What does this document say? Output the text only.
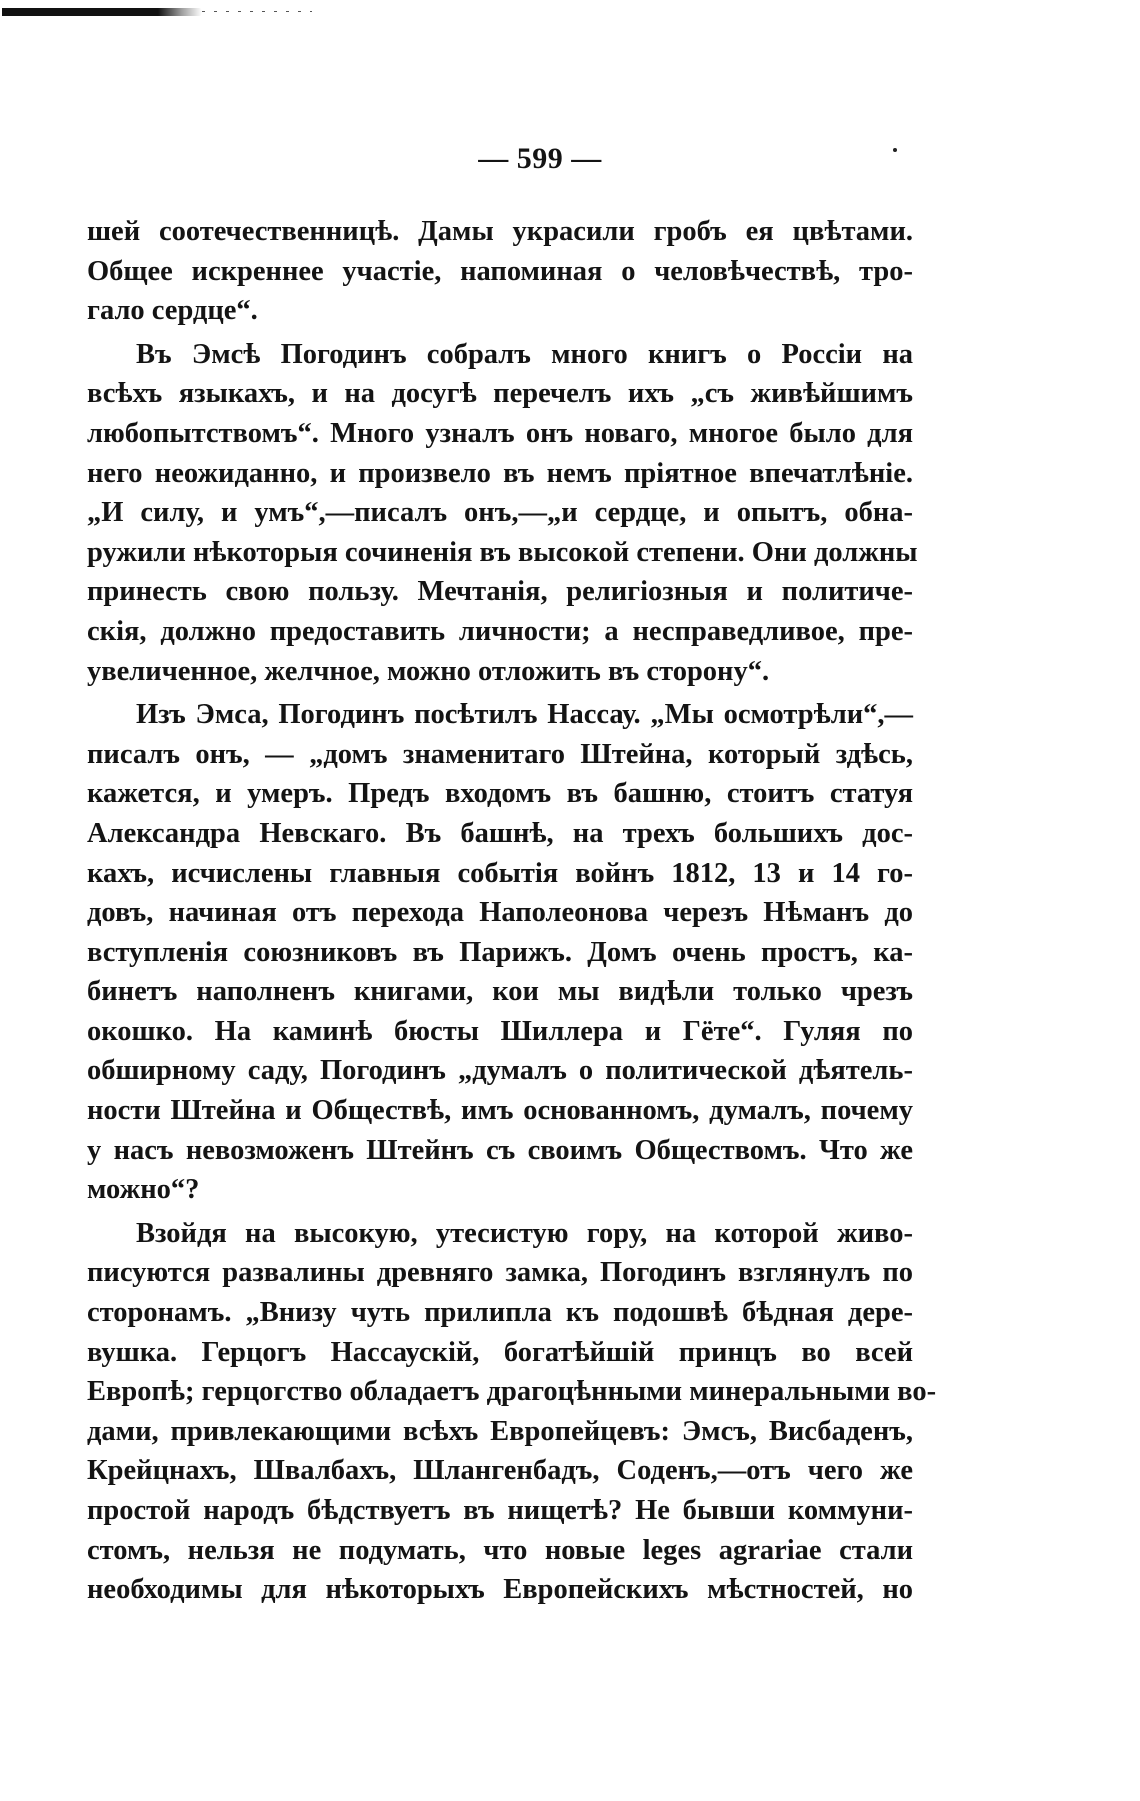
— 599 —
шей соотечественницѣ. Дамы украсили гробъ ея цвѣтами.
Общее искреннее участіе, напоминая о человѣчествѣ, тро-
гало сердце“.
Въ Эмсѣ Погодинъ собралъ много книгъ о Россіи на
всѣхъ языкахъ, и на досугѣ перечелъ ихъ „съ живѣйшимъ
любопытствомъ“. Много узналъ онъ новаго, многое было для
него неожиданно, и произвело въ немъ пріятное впечатлѣніе.
„И силу, и умъ“,—писалъ онъ,—„и сердце, и опытъ, обна-
ружили нѣкоторыя сочиненія въ высокой степени. Они должны
принесть свою пользу. Мечтанія, религіозныя и политиче-
скія, должно предоставить личности; а несправедливое, пре-
увеличенное, желчное, можно отложить въ сторону“.
Изъ Эмса, Погодинъ посѣтилъ Нассау. „Мы осмотрѣли“,—
писалъ онъ, — „домъ знаменитаго Штейна, который здѣсь,
кажется, и умеръ. Предъ входомъ въ башню, стоитъ статуя
Александра Невскаго. Въ башнѣ, на трехъ большихъ дос-
кахъ, исчислены главныя событія войнъ 1812, 13 и 14 го-
довъ, начиная отъ перехода Наполеонова черезъ Нѣманъ до
вступленія союзниковъ въ Парижъ. Домъ очень простъ, ка-
бинетъ наполненъ книгами, кои мы видѣли только чрезъ
окошко. На каминѣ бюсты Шиллера и Гёте“. Гуляя по
обширному саду, Погодинъ „думалъ о политической дѣятель-
ности Штейна и Обществѣ, имъ основанномъ, думалъ, почему
у насъ невозможенъ Штейнъ съ своимъ Обществомъ. Что же
можно“?
Взойдя на высокую, утесистую гору, на которой живо-
писуются развалины древняго замка, Погодинъ взглянулъ по
сторонамъ. „Внизу чуть прилипла къ подошвѣ бѣдная дере-
вушка. Герцогъ Нассаускій, богатѣйшій принцъ во всей
Европѣ; герцогство обладаетъ драгоцѣнными минеральными во-
дами, привлекающими всѣхъ Европейцевъ: Эмсъ, Висбаденъ,
Крейцнахъ, Швалбахъ, Шлангенбадъ, Соденъ,—отъ чего же
простой народъ бѣдствуетъ въ нищетѣ? Не бывши коммуни-
стомъ, нельзя не подумать, что новые leges agrariae стали
необходимы для нѣкоторыхъ Европейскихъ мѣстностей, но
